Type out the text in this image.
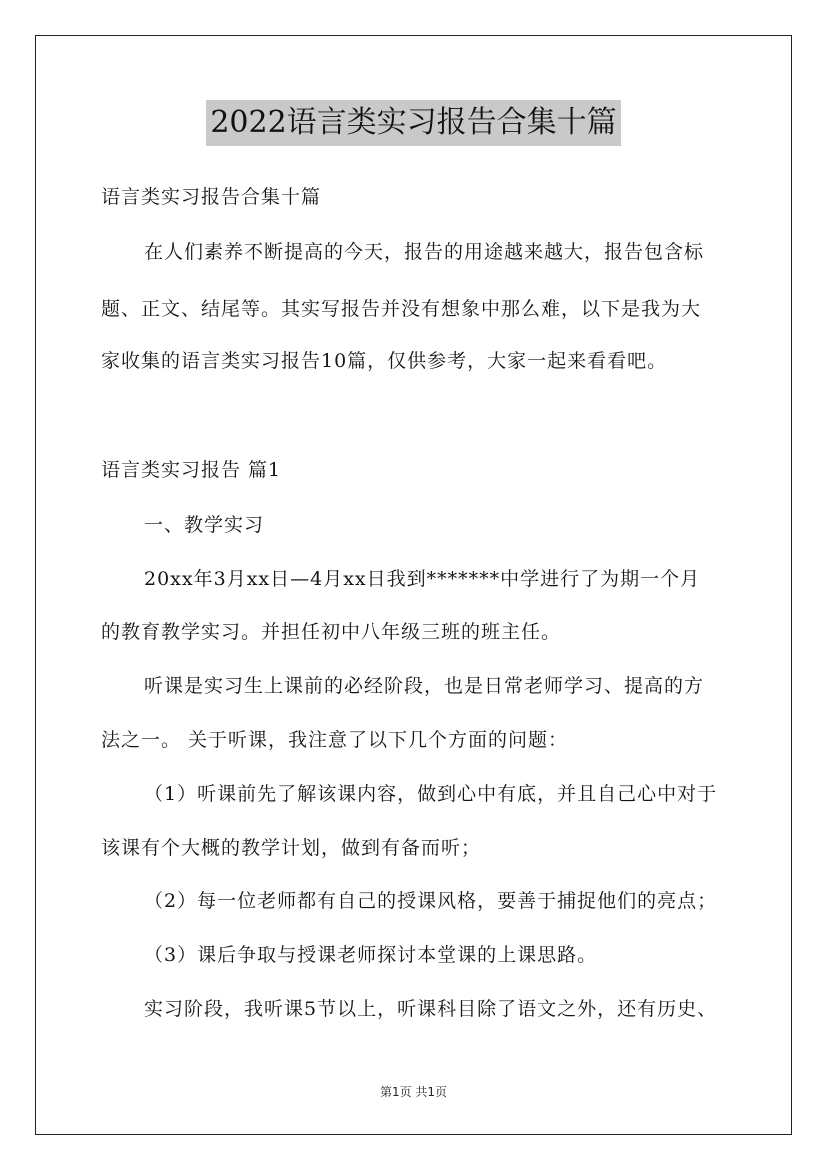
2022语言类实习报告合集十篇
语言类实习报告合集十篇
在人们素养不断提高的今天，报告的用途越来越大，报告包含标
题、正文、结尾等。其实写报告并没有想象中那么难，以下是我为大
家收集的语言类实习报告10篇，仅供参考，大家一起来看看吧。
语言类实习报告 篇1
一、教学实习
20xx年3月xx日—4月xx日我到*******中学进行了为期一个月
的教育教学实习。并担任初中八年级三班的班主任。
听课是实习生上课前的必经阶段，也是日常老师学习、提高的方
法之一。 关于听课，我注意了以下几个方面的问题：
（1）听课前先了解该课内容，做到心中有底，并且自己心中对于
该课有个大概的教学计划，做到有备而听；
（2）每一位老师都有自己的授课风格，要善于捕捉他们的亮点；
（3）课后争取与授课老师探讨本堂课的上课思路。
实习阶段，我听课5节以上，听课科目除了语文之外，还有历史、
第1页 共1页
